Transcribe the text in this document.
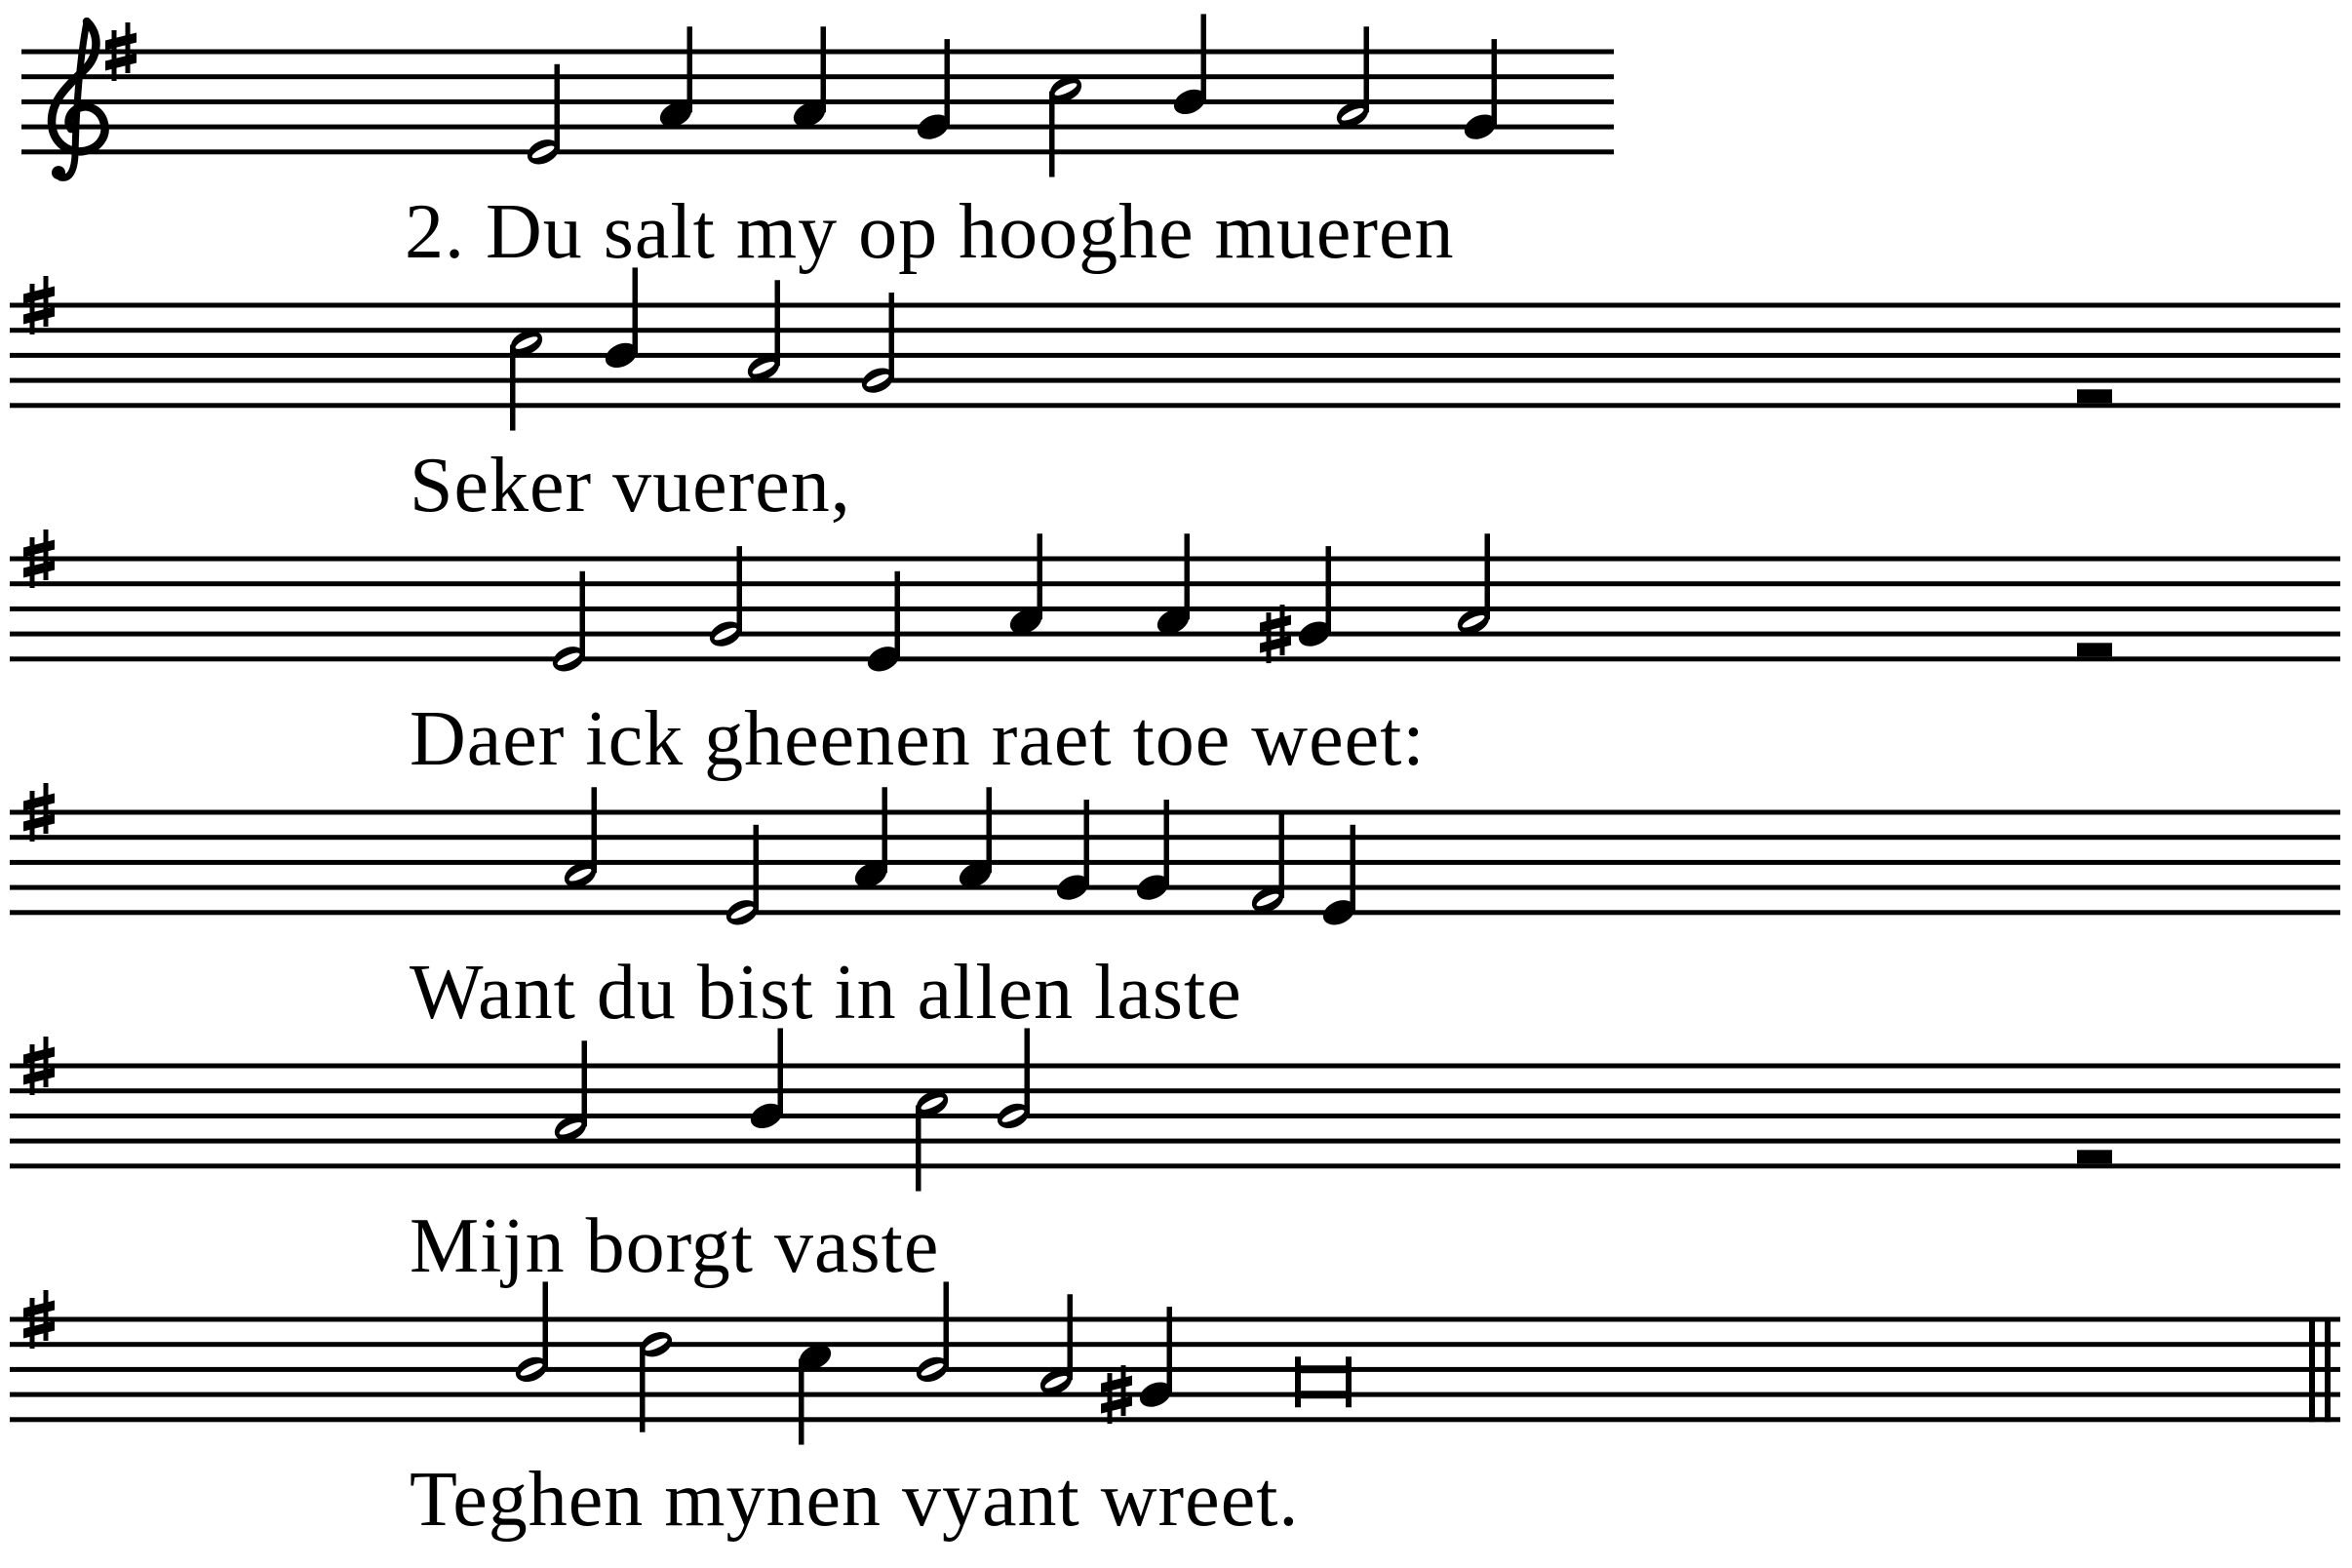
2. Du salt my op hooghe mueren
Seker vueren,
Daer ick gheenen raet toe weet:
Want du bist in allen laste
Mijn borgt vaste
Teghen mynen vyant wreet.
